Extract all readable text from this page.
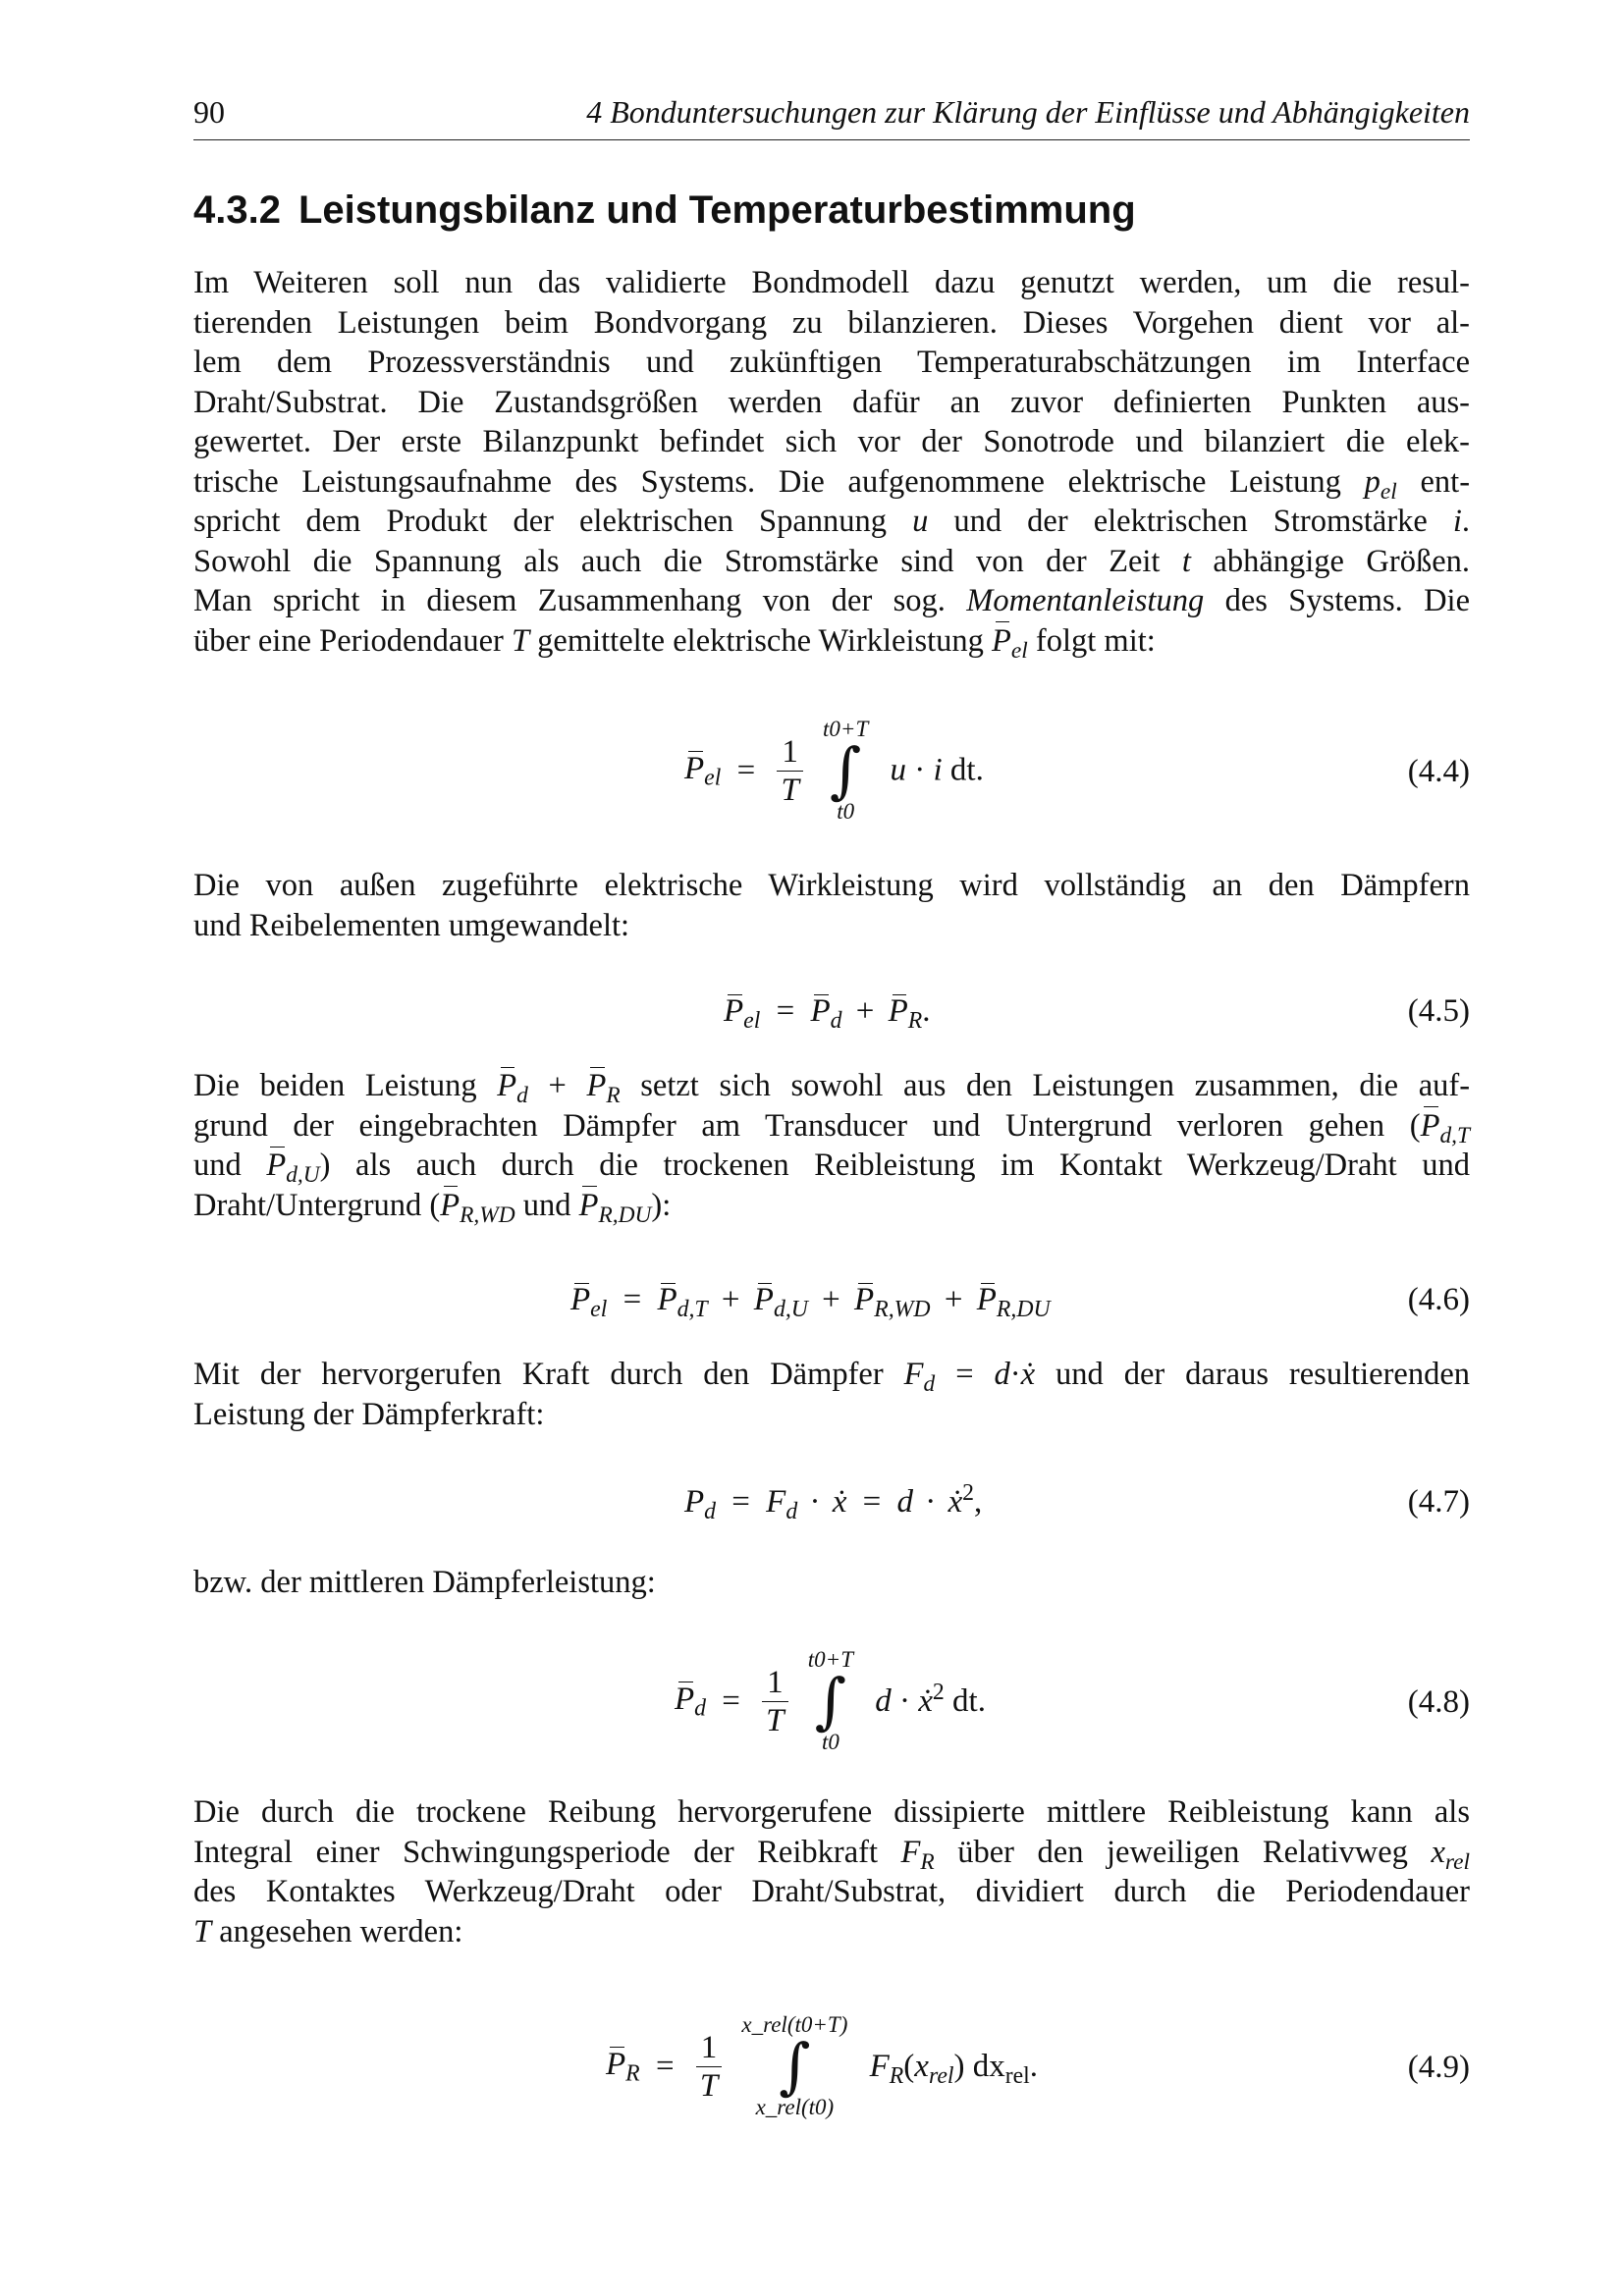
90	4 Bonduntersuchungen zur Klärung der Einflüsse und Abhängigkeiten
4.3.2 Leistungsbilanz und Temperaturbestimmung
Im Weiteren soll nun das validierte Bondmodell dazu genutzt werden, um die resul-
tierenden Leistungen beim Bondvorgang zu bilanzieren. Dieses Vorgehen dient vor al-
lem dem Prozessverständnis und zukünftigen Temperaturabschätzungen im Interface
Draht/Substrat. Die Zustandsgrößen werden dafür an zuvor definierten Punkten aus-
gewertet. Der erste Bilanzpunkt befindet sich vor der Sonotrode und bilanziert die elek-
trische Leistungsaufnahme des Systems. Die aufgenommene elektrische Leistung $p_{el}$ ent-
spricht dem Produkt der elektrischen Spannung u und der elektrischen Stromstärke i.
Sowohl die Spannung als auch die Stromstärke sind von der Zeit t abhängige Größen.
Man spricht in diesem Zusammenhang von der sog. Momentanleistung des Systems. Die
über eine Periodendauer T gemittelte elektrische Wirkleistung $P_{el}$ folgt mit:
$P_{el} = \frac{1}{T}$

t0+T
∫
t0
u · i dt.	(4.4)
Die von außen zugeführte elektrische Wirkleistung wird vollständig an den Dämpfern
und Reibelementen umgewandelt:
$P_{el} = P_d + P_R$.	(4.5)
Die beiden Leistung $P_d + P_R$ setzt sich sowohl aus den Leistungen zusammen, die auf-
grund der eingebrachten Dämpfer am Transducer und Untergrund verloren gehen ($P_{d,T}$
und $P_{d,U}$) als auch durch die trockenen Reibleistung im Kontakt Werkzeug/Draht und
Draht/Untergrund ($P_{R,WD}$ und $P_{R,DU}$):
$P_{el} = P_{d,T} + P_{d,U} + P_{R,WD} + P_{R,DU}$	(4.6)
Mit der hervorgerufen Kraft durch den Dämpfer $F_d$ = d·ẋ und der daraus resultierenden
Leistung der Dämpferkraft:
$P_d = F_d$ · ẋ = d · ẋ$^2$,	(4.7)
bzw. der mittleren Dämpferleistung:
$P_d = \frac{1}{T}$

t0+T
∫
t0
d · ẋ$^2$ dt.	(4.8)
Die durch die trockene Reibung hervorgerufene dissipierte mittlere Reibleistung kann als
Integral einer Schwingungsperiode der Reibkraft $F_R$ über den jeweiligen Relativweg $x_{rel}$
des Kontaktes Werkzeug/Draht oder Draht/Substrat, dividiert durch die Periodendauer
T angesehen werden:
$P_R = \frac{1}{T}$

x_rel(t0+T)
∫
x_rel(t0)
$F_R(x_{rel})$ $dx_{rel}$.	(4.9)
